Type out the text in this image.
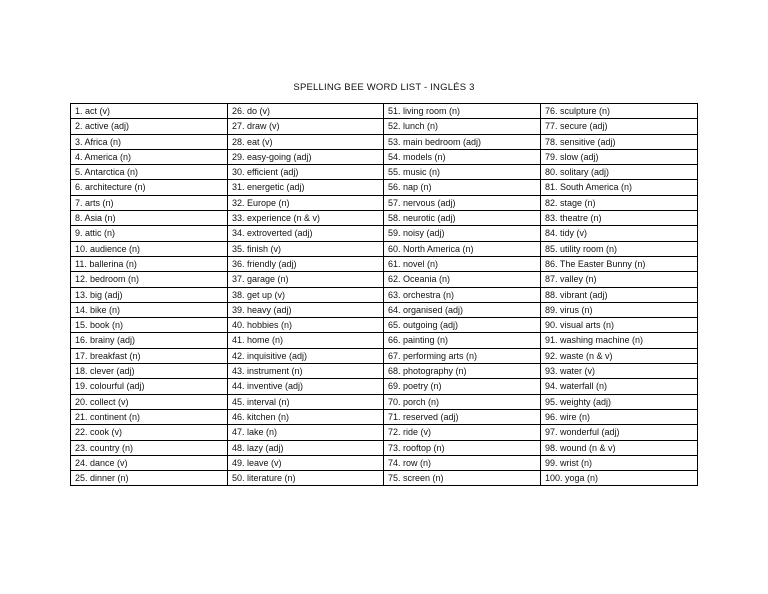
SPELLING BEE WORD LIST - INGLÉS 3
1. act (v)	26. do (v)	51. living room (n)	76. sculpture (n)
2. active (adj)	27. draw (v)	52. lunch (n)	77. secure (adj)
3. Africa (n)	28. eat (v)	53. main bedroom (adj)	78. sensitive (adj)
4. America (n)	29. easy-going (adj)	54. models (n)	79. slow (adj)
5. Antarctica (n)	30. efficient (adj)	55. music (n)	80. solitary (adj)
6. architecture (n)	31. energetic (adj)	56. nap (n)	81. South America (n)
7. arts (n)	32. Europe (n)	57. nervous (adj)	82. stage (n)
8. Asia (n)	33. experience (n & v)	58. neurotic (adj)	83. theatre (n)
9. attic (n)	34. extroverted (adj)	59. noisy (adj)	84. tidy (v)
10. audience (n)	35. finish (v)	60. North America (n)	85. utility room (n)
11. ballerina (n)	36. friendly (adj)	61. novel (n)	86. The Easter Bunny (n)
12. bedroom (n)	37. garage (n)	62. Oceania (n)	87. valley (n)
13. big (adj)	38. get up (v)	63. orchestra (n)	88. vibrant (adj)
14. bike (n)	39. heavy (adj)	64. organised (adj)	89. virus (n)
15. book (n)	40. hobbies (n)	65. outgoing (adj)	90. visual arts (n)
16. brainy (adj)	41. home (n)	66. painting (n)	91. washing machine (n)
17. breakfast (n)	42. inquisitive (adj)	67. performing arts (n)	92. waste (n & v)
18. clever (adj)	43. instrument (n)	68. photography (n)	93. water (v)
19. colourful (adj)	44. inventive (adj)	69. poetry (n)	94. waterfall (n)
20. collect (v)	45. interval (n)	70. porch (n)	95. weighty (adj)
21. continent (n)	46. kitchen (n)	71. reserved (adj)	96. wire (n)
22. cook (v)	47. lake (n)	72. ride (v)	97. wonderful (adj)
23. country (n)	48. lazy (adj)	73. rooftop (n)	98. wound (n & v)
24. dance (v)	49. leave (v)	74. row (n)	99. wrist (n)
25. dinner (n)	50. literature (n)	75. screen (n)	100. yoga (n)
